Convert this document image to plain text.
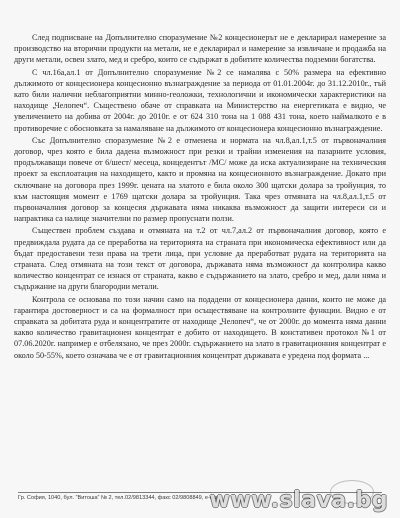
След подписване на Допълнително споразумение №2 концесионерът не е декларирал намерение за производство на вторични продукти на метали, не е декларирал и намерение за извличане и продажба на други метали, освен злато, мед и сребро, които се съдържат в добитите количества подземни богатства.

С чл.16а,ал.1 от Допълнително споразумение №2 се намалява с 50% размера на ефективно дължимото от концесионера концесионно възнаграждение за периода от 01.01.2004г. до 31.12.2010г., тъй като били налични неблагоприятни минно-геоложки, технологични и икономически характеристики на находище „Челопеч“. Съществено обаче от справката на Министерство на енергетиката е видно, че увеличението на добива от 2004г. до 2010г. е от 624 310 тона на 1 088 431 тона, което наймалкото е в противоречие с обосновката за намаляване на дължимото от концесионера концесионно възнаграждение.

Със Допълнително споразумение №2 е отменена и нормата на чл.8,ал.1,т.5 от първоначалния договор, чрез която е била дадена възможност при резки и трайни изменения на пазарните условия, продължаващи повече от 6/шест/ месеца, концедентът /МС/ може да иска актуализиране на техническия проект за експлоатация на находището, както и промяна на концесионното възнаграждение. Докато при сключване на договора през 1999г. цената на златото е била около 300 щатски долара за тройунция, то към настоящия момент е 1769 щатски долара за тройунция. Така чрез отмяната на чл.8,ал.1,т.5 от първоначалния договор за концесия държавата няма никаква възможност да защити интереси си и напрактика са налице значителни по размер пропуснати ползи.

Съществен проблем създава и отмяната на т.2 от чл.7,ал.2 от първоначалния договор, която е предвиждала рудата да се преработва на територията на страната при икономическа ефективност или да бъдат предоставени тези права на трети лица, при условие да преработват рудата на територията на страната. След отмяната на този текст от договора, държавата няма възможност да контролира какво количество концентрат се изнася от страната, какво е съдържанието на злато, сребро и мед, дали няма и съдържание на други благородни метали.

Контрола се основава по този начин само на подадени от концесионера данни, които не може да гарантира достоверност и са на формалност при осъществяване на контролните функции. Видно е от справката за добитата руда и концентратите от находище „Челопеч“, че от 2000г. до момента няма данни какво количество гравитационен концентрат е добито от находището. В констативен протокол №1 от 07.06.2020г. например е отбелязано, че през 2000г. съдържанието на злато в гравитационния концентрат е около 50-55%, което означава че е от гравитационния концентрат държавата е уредена под формата ...

Гр. София, 1040, бул. “Витоша” № 2, тел.02/9813344, факс 02/9808849, e-mail:
www.slava.bg
